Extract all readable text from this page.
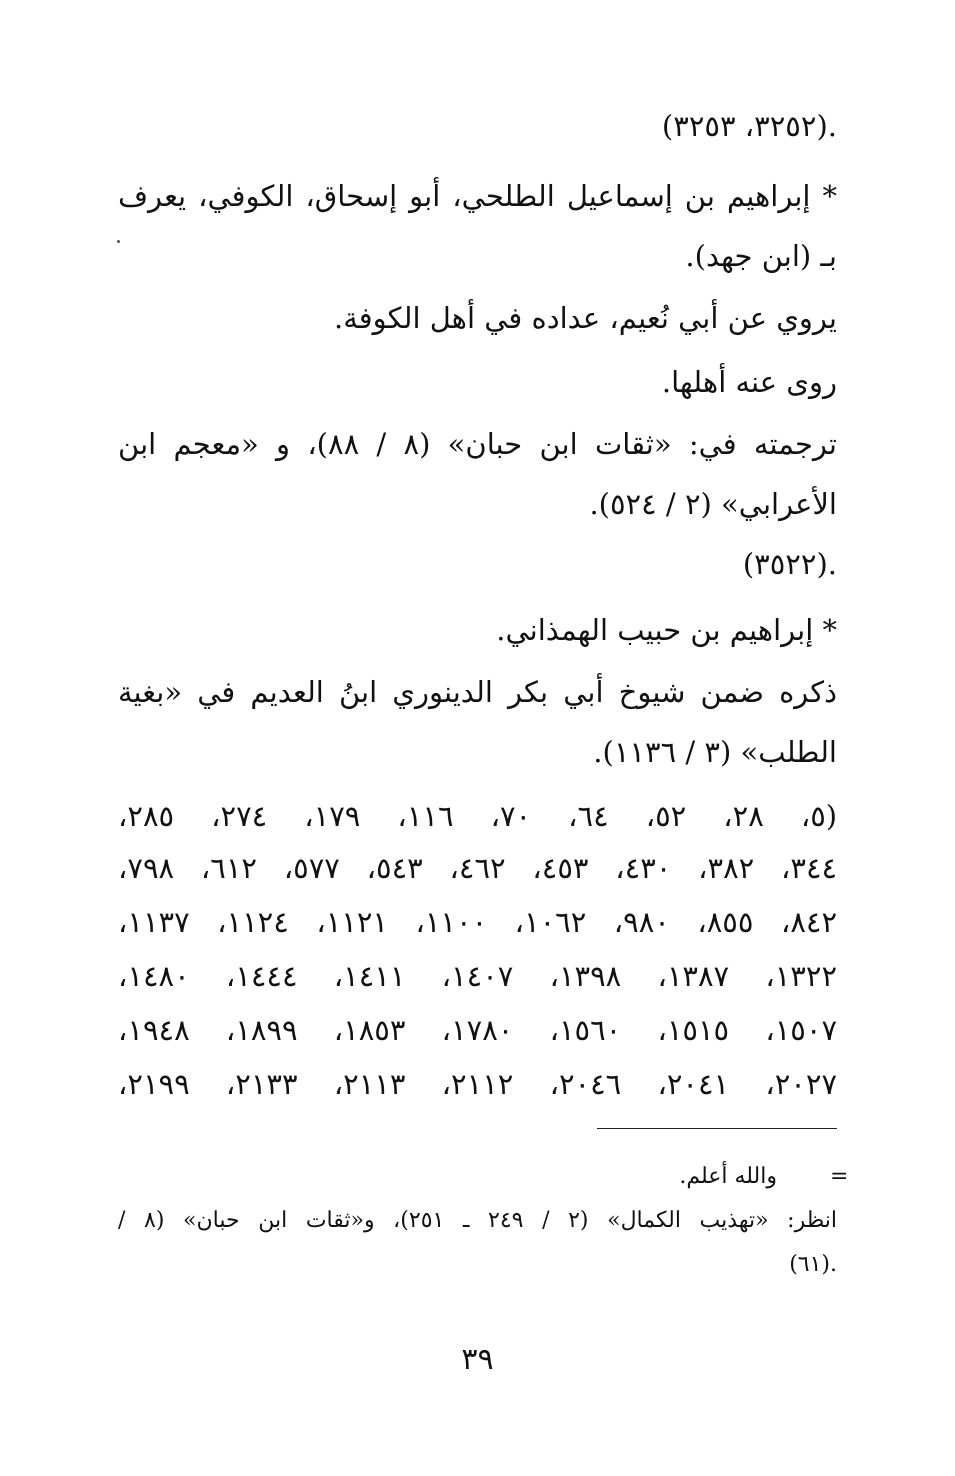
.(٣٢٥٢، ٣٢٥٣)
* إبراهيم بن إسماعيل الطلحي، أبو إسحاق، الكوفي، يعرف
بـ (ابن جهد).
يروي عن أبي نُعيم، عداده في أهل الكوفة.
روى عنه أهلها.
ترجمته في: «ثقات ابن حبان» (٨ / ٨٨)، و «معجم ابن
الأعرابي» (٢ / ٥٢٤).
.(٣٥٢٢)
* إبراهيم بن حبيب الهمذاني.
ذكره ضمن شيوخ أبي بكر الدينوري ابنُ العديم في «بغية
الطلب» (٣ / ١١٣٦).
(٥، ٢٨، ٥٢، ٦٤، ٧٠، ١١٦، ١٧٩، ٢٧٤، ٢٨٥،
٣٤٤، ٣٨٢، ٤٣٠، ٤٥٣، ٤٦٢، ٥٤٣، ٥٧٧، ٦١٢، ٧٩٨،
٨٤٢، ٨٥٥، ٩٨٠، ١٠٦٢، ١١٠٠، ١١٢١، ١١٢٤، ١١٣٧،
١٣٢٢، ١٣٨٧، ١٣٩٨، ١٤٠٧، ١٤١١، ١٤٤٤، ١٤٨٠،
١٥٠٧، ١٥١٥، ١٥٦٠، ١٧٨٠، ١٨٥٣، ١٨٩٩، ١٩٤٨،
٢٠٢٧، ٢٠٤١، ٢٠٤٦، ٢١١٢، ٢١١٣، ٢١٣٣، ٢١٩٩،
=
والله أعلم.
انظر: «تهذيب الكمال» (٢ / ٢٤٩ ـ ٢٥١)، و«ثقات ابن حبان» (٨ /
.(٦١)
٣٩
